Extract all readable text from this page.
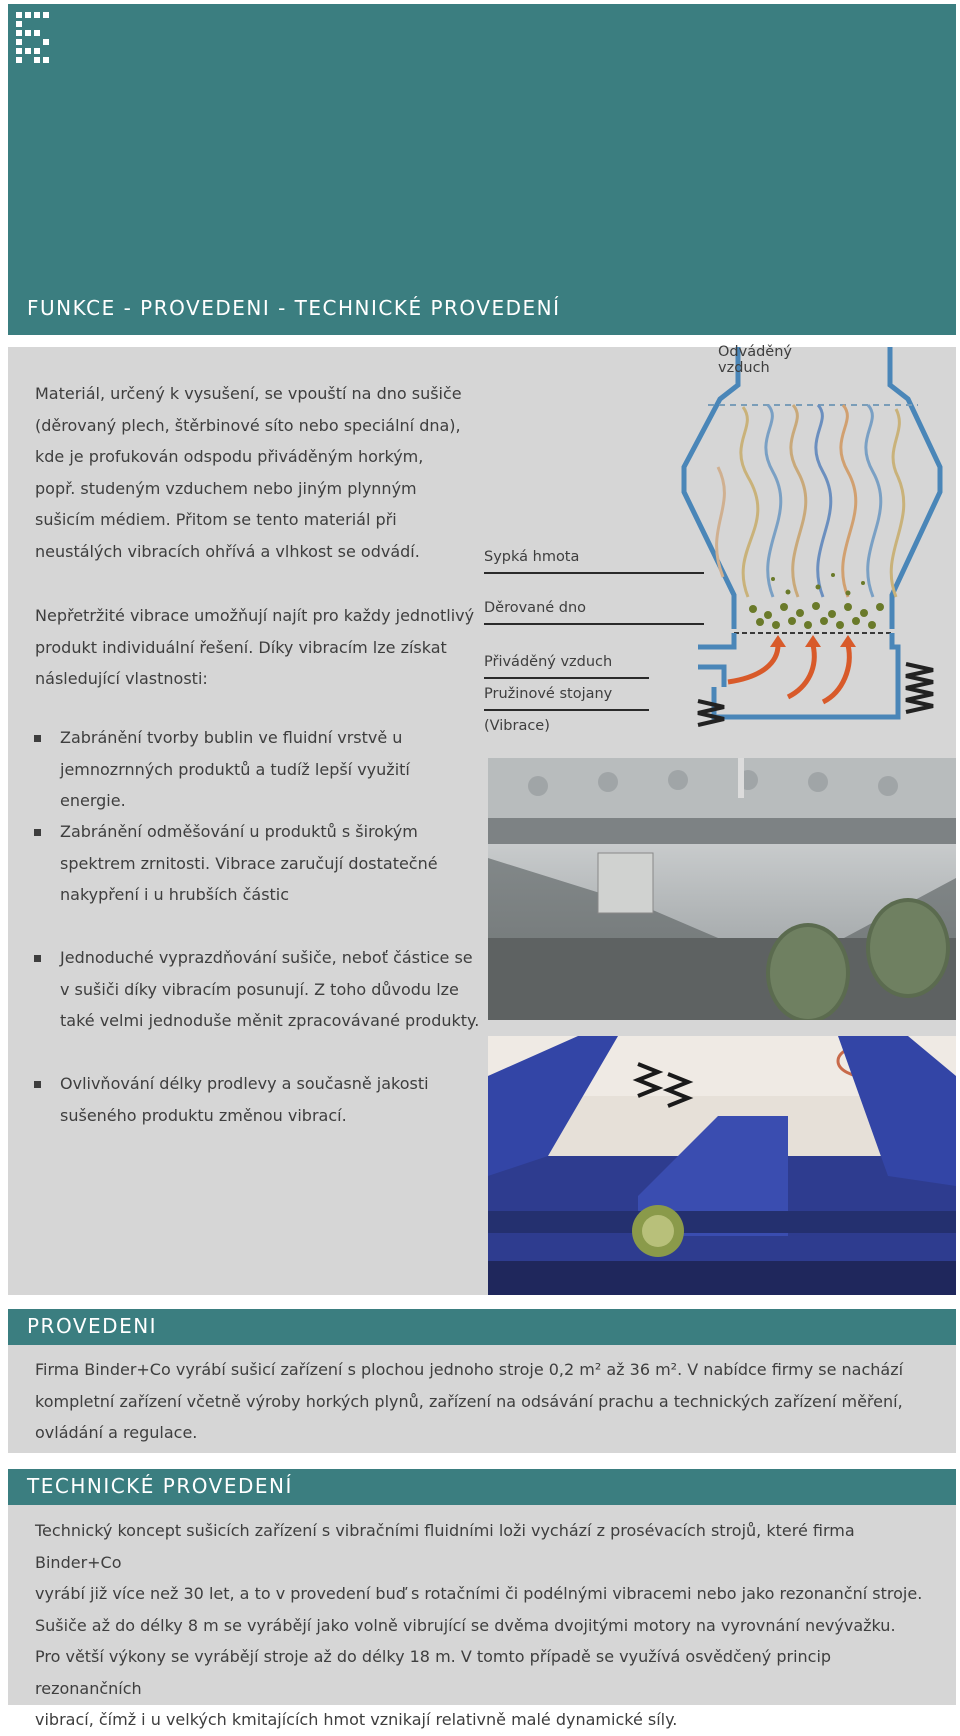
FUNKCE - PROVEDENI - TECHNICKÉ PROVEDENÍ
Materiál, určený k vysušení, se vpouští na dno sušiče
(děrovaný plech, štěrbinové síto nebo speciální dna),
kde je profukován odspodu přiváděným horkým,
popř. studeným vzduchem nebo jiným plynným
sušicím médiem. Přitom se tento materiál při
neustálých vibracích ohřívá a vlhkost se odvádí.
Nepřetržité vibrace umožňují najít pro každy jednotlivý
produkt individuální řešení. Díky vibracím lze získat
následující vlastnosti:
Zabránění tvorby bublin ve fluidní vrstvě u
jemnozrnných produktů a tudíž lepší využití energie.
Zabránění odměšování u produktů s širokým
spektrem zrnitosti. Vibrace zaručují dostatečné
nakypření i u hrubších částic
Jednoduché vyprazdňování sušiče, neboť částice se
v sušiči díky vibracím posunují. Z toho důvodu lze
také velmi jednoduše měnit zpracovávané produkty.
Ovlivňování délky prodlevy a současně jakosti
sušeného produktu změnou vibrací.
Odváděný
vzduch
Sypká hmota
Děrované dno
Přiváděný vzduch
Pružinové stojany
(Vibrace)
PROVEDENI
Firma Binder+Co vyrábí sušicí zařízení s plochou jednoho stroje 0,2 m² až 36 m². V nabídce firmy se nachází
kompletní zařízení včetně výroby horkých plynů, zařízení na odsávání prachu a technických zařízení měření,
ovládání a regulace.
TECHNICKÉ PROVEDENÍ
Technický koncept sušicích zařízení s vibračními fluidními loži vychází z prosévacích strojů, které firma Binder+Co
vyrábí již více než 30 let, a to v provedení buď s rotačními či podélnými vibracemi nebo jako rezonanční stroje.
Sušiče až do délky 8 m se vyrábějí jako volně vibrující se dvěma dvojitými motory na vyrovnání nevývažku.
Pro větší výkony se vyrábějí stroje až do délky 18 m. V tomto případě se využívá osvědčený princip rezonančních
vibrací, čímž i u velkých kmitajících hmot vznikají relativně malé dynamické síly.
